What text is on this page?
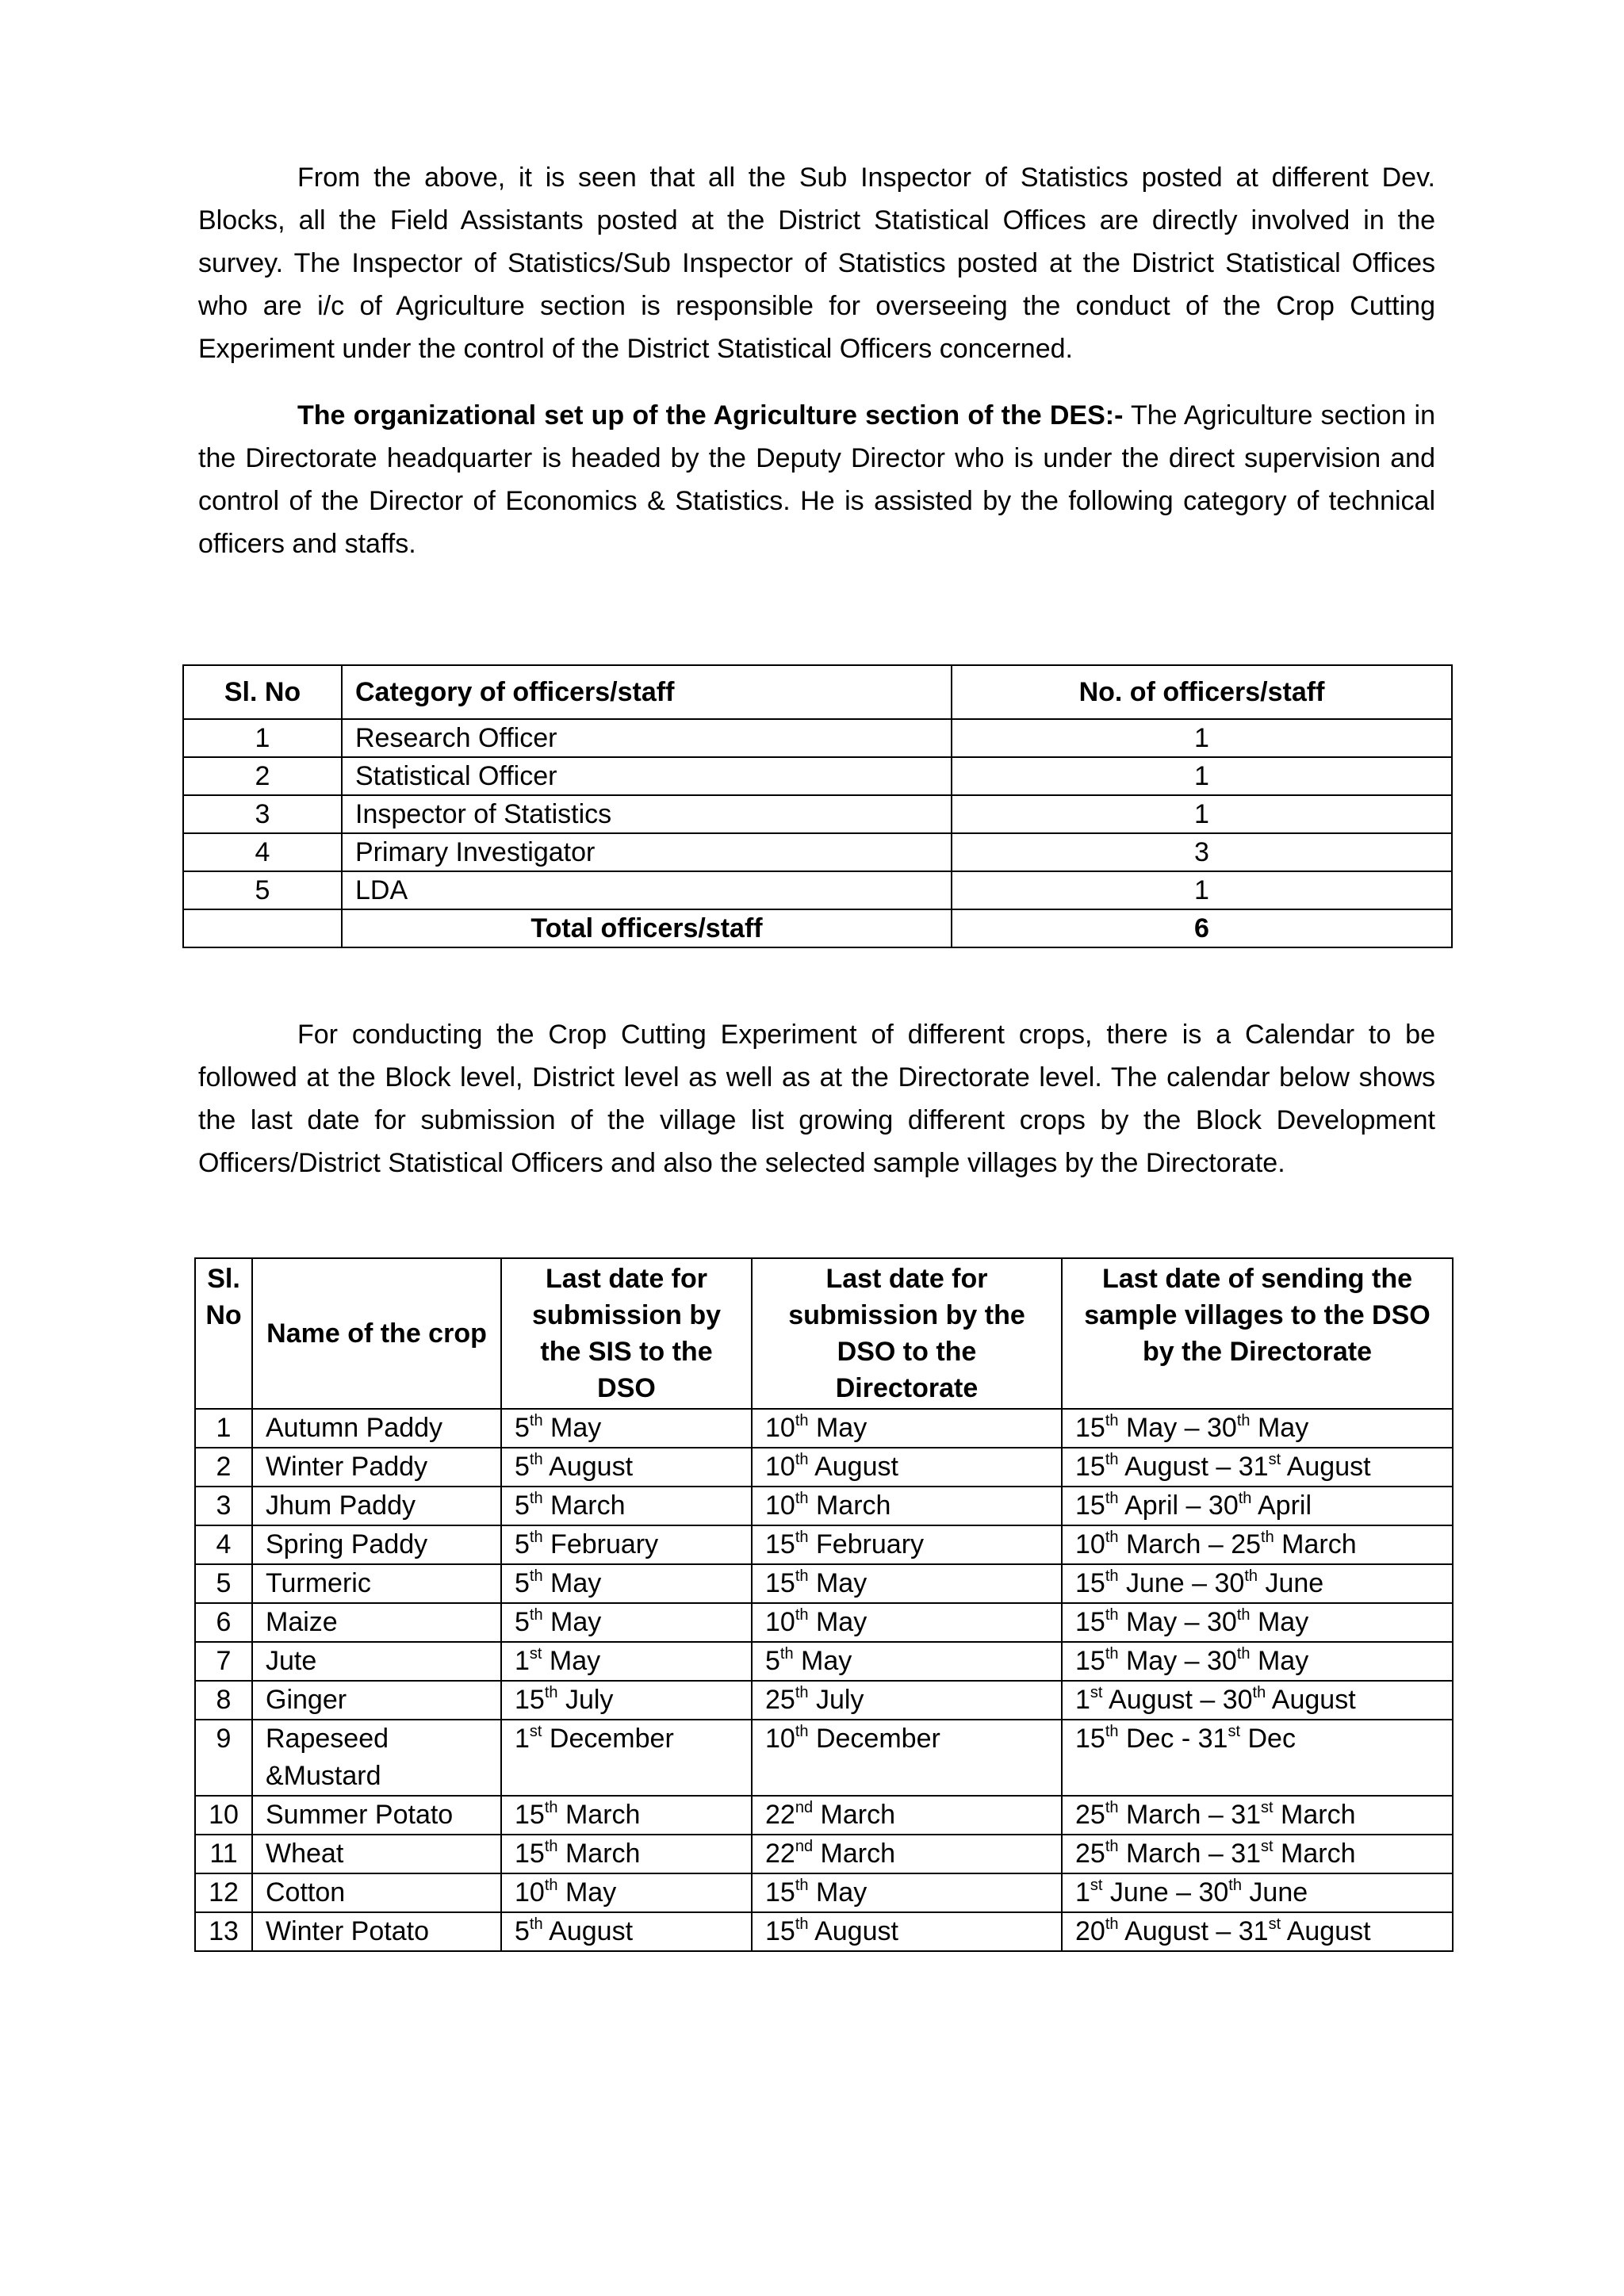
From the above, it is seen that all the Sub Inspector of Statistics posted at different Dev. Blocks, all the Field Assistants posted at the District Statistical Offices are directly involved in the survey. The Inspector of Statistics/Sub Inspector of Statistics posted at the District Statistical Offices who are i/c of Agriculture section is responsible for overseeing the conduct of the Crop Cutting Experiment under the control of the District Statistical Officers concerned.

The organizational set up of the Agriculture section of the DES:- The Agriculture section in the Directorate headquarter is headed by the Deputy Director who is under the direct supervision and control of the Director of Economics & Statistics. He is assisted by the following category of technical officers and staffs.

Sl. No	Category of officers/staff	No. of officers/staff
1	Research Officer	1
2	Statistical Officer	1
3	Inspector of Statistics	1
4	Primary Investigator	3
5	LDA	1
	Total officers/staff	6

For conducting the Crop Cutting Experiment of different crops, there is a Calendar to be followed at the Block level, District level as well as at the Directorate level. The calendar below shows the last date for submission of the village list growing different crops by the Block Development Officers/District Statistical Officers and also the selected sample villages by the Directorate.

Sl. No	Name of the crop	Last date for submission by the SIS to the DSO	Last date for submission by the DSO to the Directorate	Last date of sending the sample villages to the DSO by the Directorate
1	Autumn Paddy	5th May	10th May	15th May – 30th May
2	Winter Paddy	5th August	10th August	15th August – 31st August
3	Jhum Paddy	5th March	10th March	15th April – 30th April
4	Spring Paddy	5th February	15th February	10th March – 25th March
5	Turmeric	5th May	15th May	15th June – 30th June
6	Maize	5th May	10th May	15th May – 30th May
7	Jute	1st May	5th May	15th May – 30th May
8	Ginger	15th July	25th July	1st August – 30th August
9	Rapeseed &Mustard	1st December	10th December	15th Dec - 31st Dec
10	Summer Potato	15th March	22nd March	25th March – 31st March
11	Wheat	15th March	22nd March	25th March – 31st March
12	Cotton	10th May	15th May	1st June – 30th June
13	Winter Potato	5th August	15th August	20th August – 31st August
